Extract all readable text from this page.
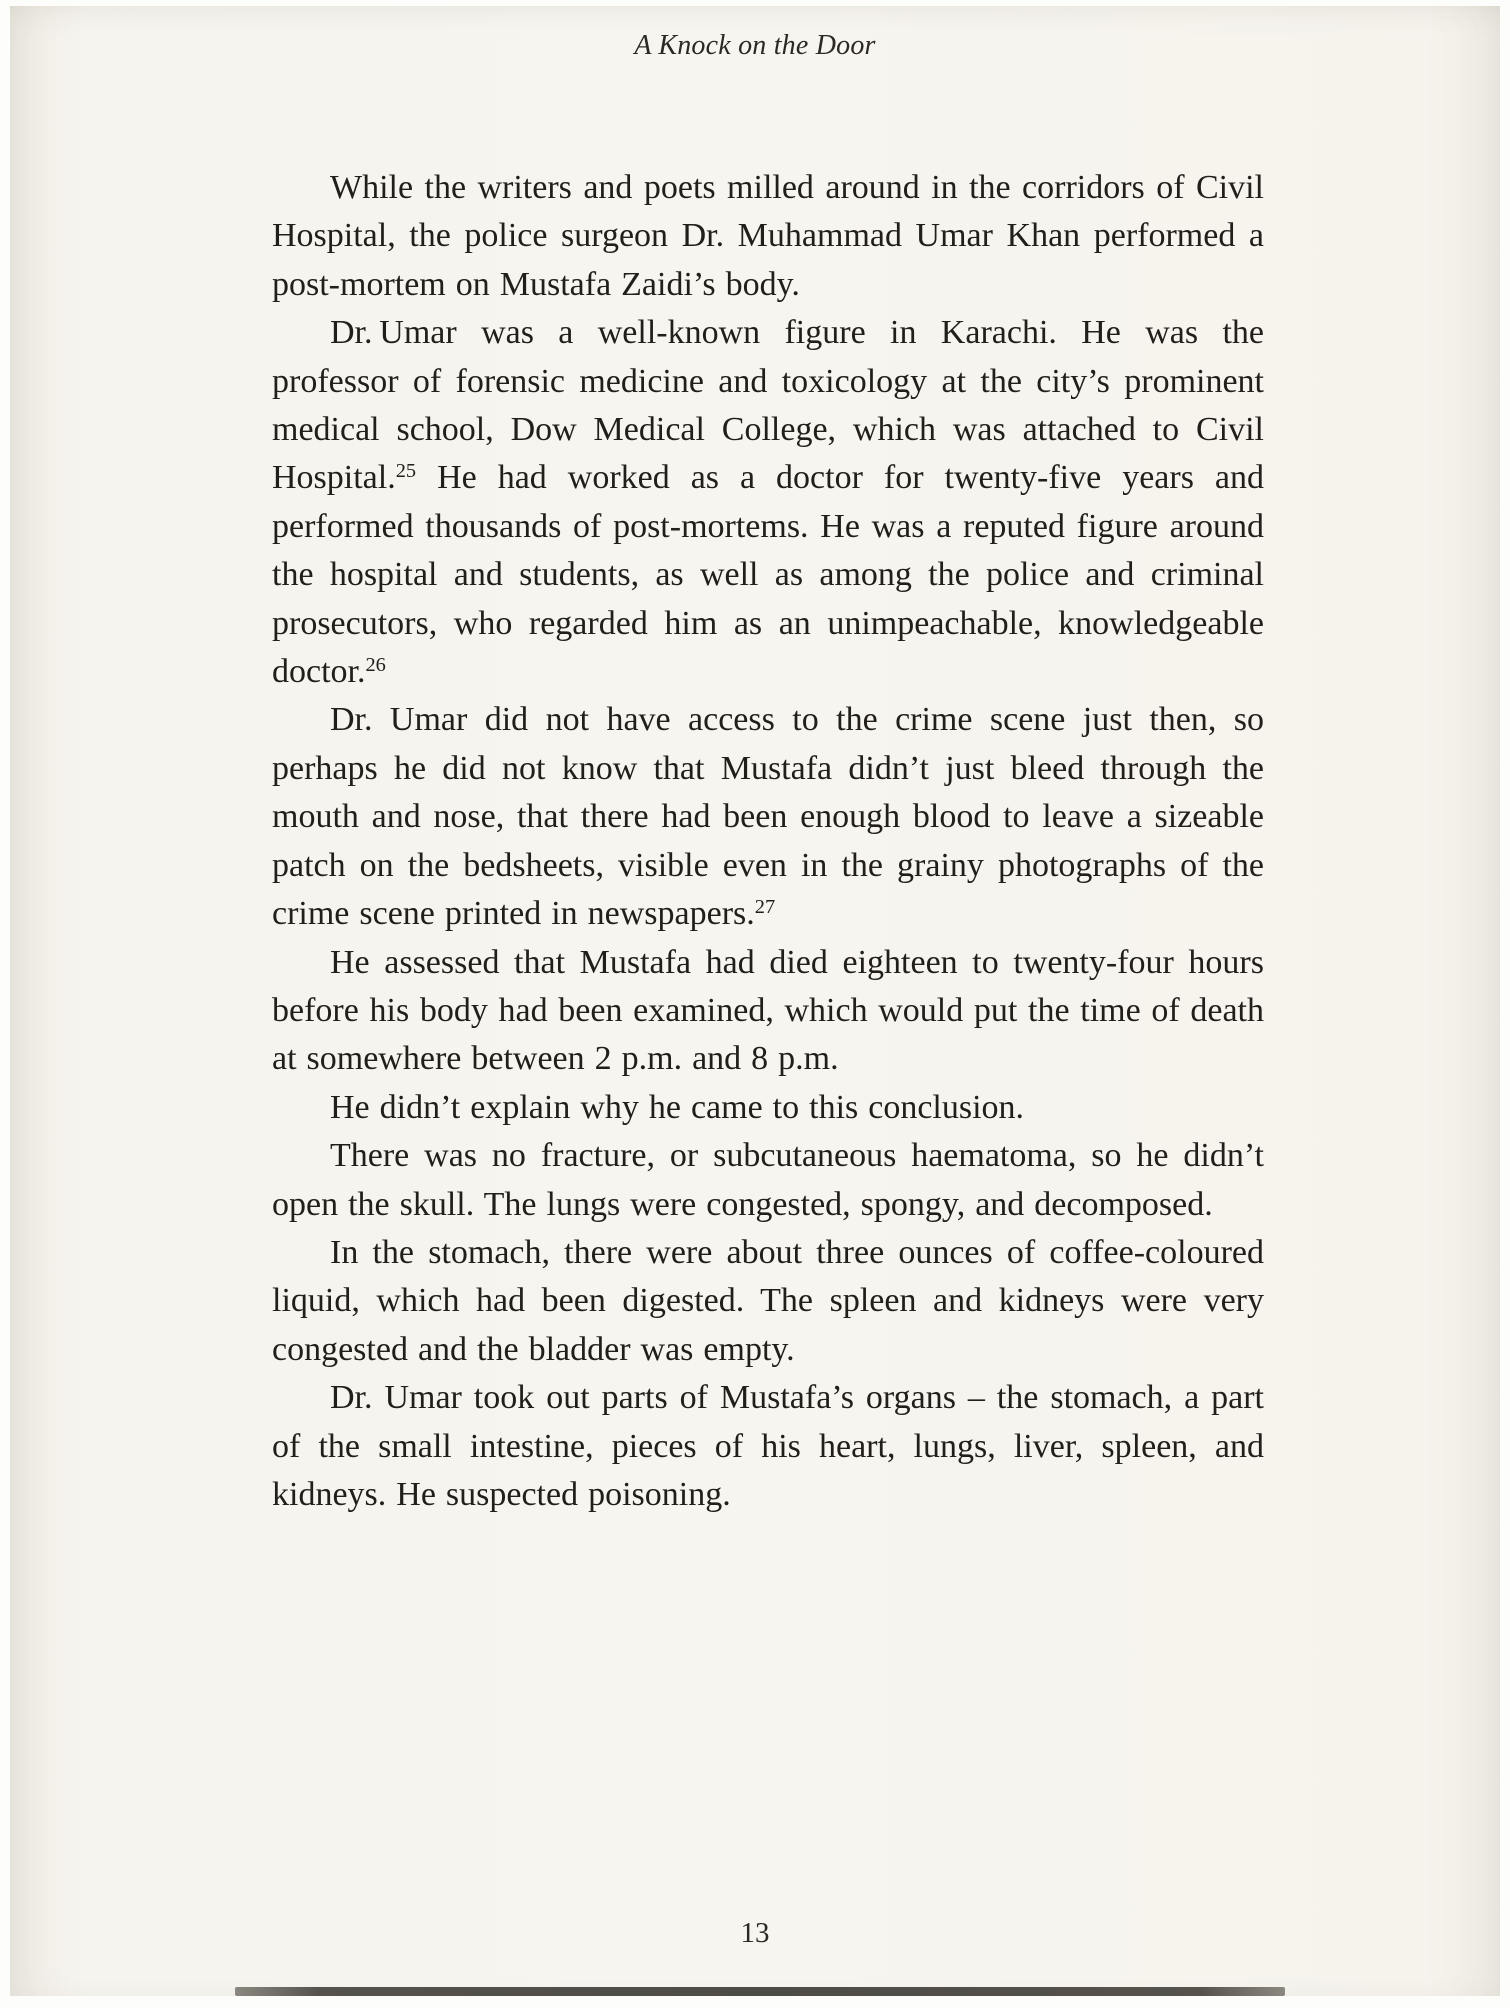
A Knock on the Door

While the writers and poets milled around in the corridors of Civil Hospital, the police surgeon Dr. Muhammad Umar Khan performed a post-mortem on Mustafa Zaidi’s body.

Dr. Umar was a well-known figure in Karachi. He was the professor of forensic medicine and toxicology at the city’s prominent medical school, Dow Medical College, which was attached to Civil Hospital.$^{25}$ He had worked as a doctor for twenty-five years and performed thousands of post-mortems. He was a reputed figure around the hospital and students, as well as among the police and criminal prosecutors, who regarded him as an unimpeachable, knowledgeable doctor.$^{26}$

Dr. Umar did not have access to the crime scene just then, so perhaps he did not know that Mustafa didn’t just bleed through the mouth and nose, that there had been enough blood to leave a sizeable patch on the bedsheets, visible even in the grainy photographs of the crime scene printed in newspapers.$^{27}$

He assessed that Mustafa had died eighteen to twenty-four hours before his body had been examined, which would put the time of death at somewhere between 2 p.m. and 8 p.m.

He didn’t explain why he came to this conclusion.

There was no fracture, or subcutaneous haematoma, so he didn’t open the skull. The lungs were congested, spongy, and decomposed.

In the stomach, there were about three ounces of coffee-coloured liquid, which had been digested. The spleen and kidneys were very congested and the bladder was empty.

Dr. Umar took out parts of Mustafa’s organs – the stomach, a part of the small intestine, pieces of his heart, lungs, liver, spleen, and kidneys. He suspected poisoning.

13
